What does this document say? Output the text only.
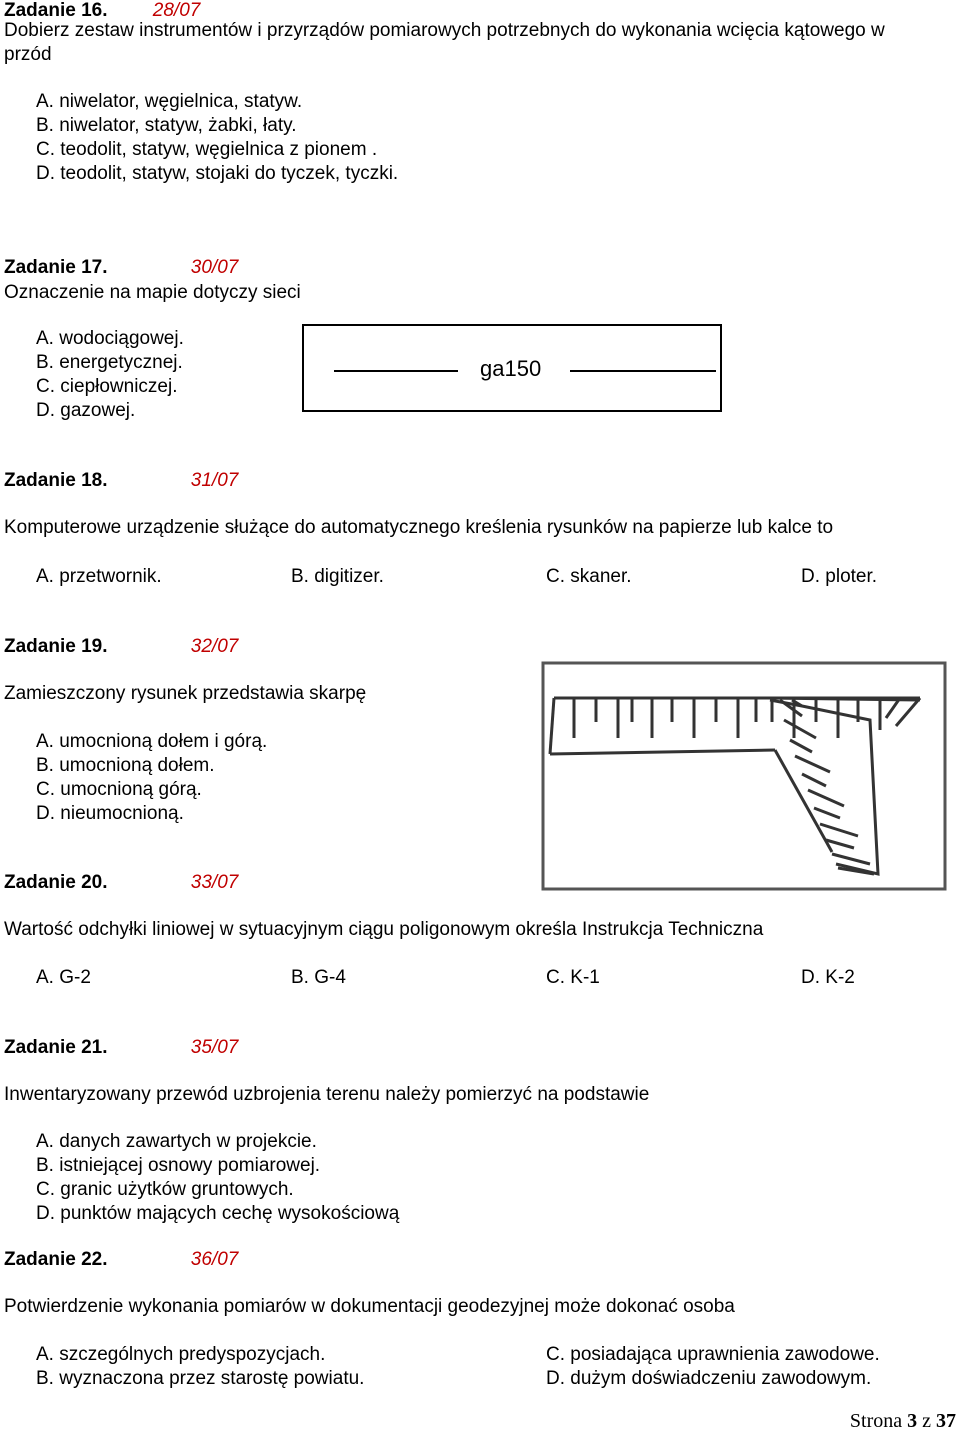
Zadanie 16. 28/07
Dobierz zestaw instrumentów i przyrządów pomiarowych potrzebnych do wykonania wcięcia kątowego w
przód
A. niwelator, węgielnica, statyw.
B. niwelator, statyw, żabki, łaty.
C. teodolit, statyw, węgielnica z pionem .
D. teodolit, statyw, stojaki do tyczek, tyczki.
Zadanie 17.	30/07
Oznaczenie na mapie dotyczy sieci
A. wodociągowej.
B. energetycznej.
C. ciepłowniczej.
D. gazowej.
ga150
Zadanie 18.	31/07
Komputerowe urządzenie służące do automatycznego kreślenia rysunków na papierze lub kalce to
A. przetwornik.	B. digitizer.	C. skaner.	D. ploter.
Zadanie 19.	32/07
Zamieszczony rysunek przedstawia skarpę
A. umocnioną dołem i górą.
B. umocnioną dołem.
C. umocnioną górą.
D. nieumocnioną.
Zadanie 20.	33/07
Wartość odchyłki liniowej w sytuacyjnym ciągu poligonowym określa Instrukcja Techniczna
A. G-2	B. G-4	C. K-1	D. K-2
Zadanie 21.	35/07
Inwentaryzowany przewód uzbrojenia terenu należy pomierzyć na podstawie
A. danych zawartych w projekcie.
B. istniejącej osnowy pomiarowej.
C. granic użytków gruntowych.
D. punktów mających cechę wysokościową
Zadanie 22.	36/07
Potwierdzenie wykonania pomiarów w dokumentacji geodezyjnej może dokonać osoba
A. szczególnych predyspozycjach.
B. wyznaczona przez starostę powiatu.
C. posiadająca uprawnienia zawodowe.
D. dużym doświadczeniu zawodowym.
Strona 3 z 37
